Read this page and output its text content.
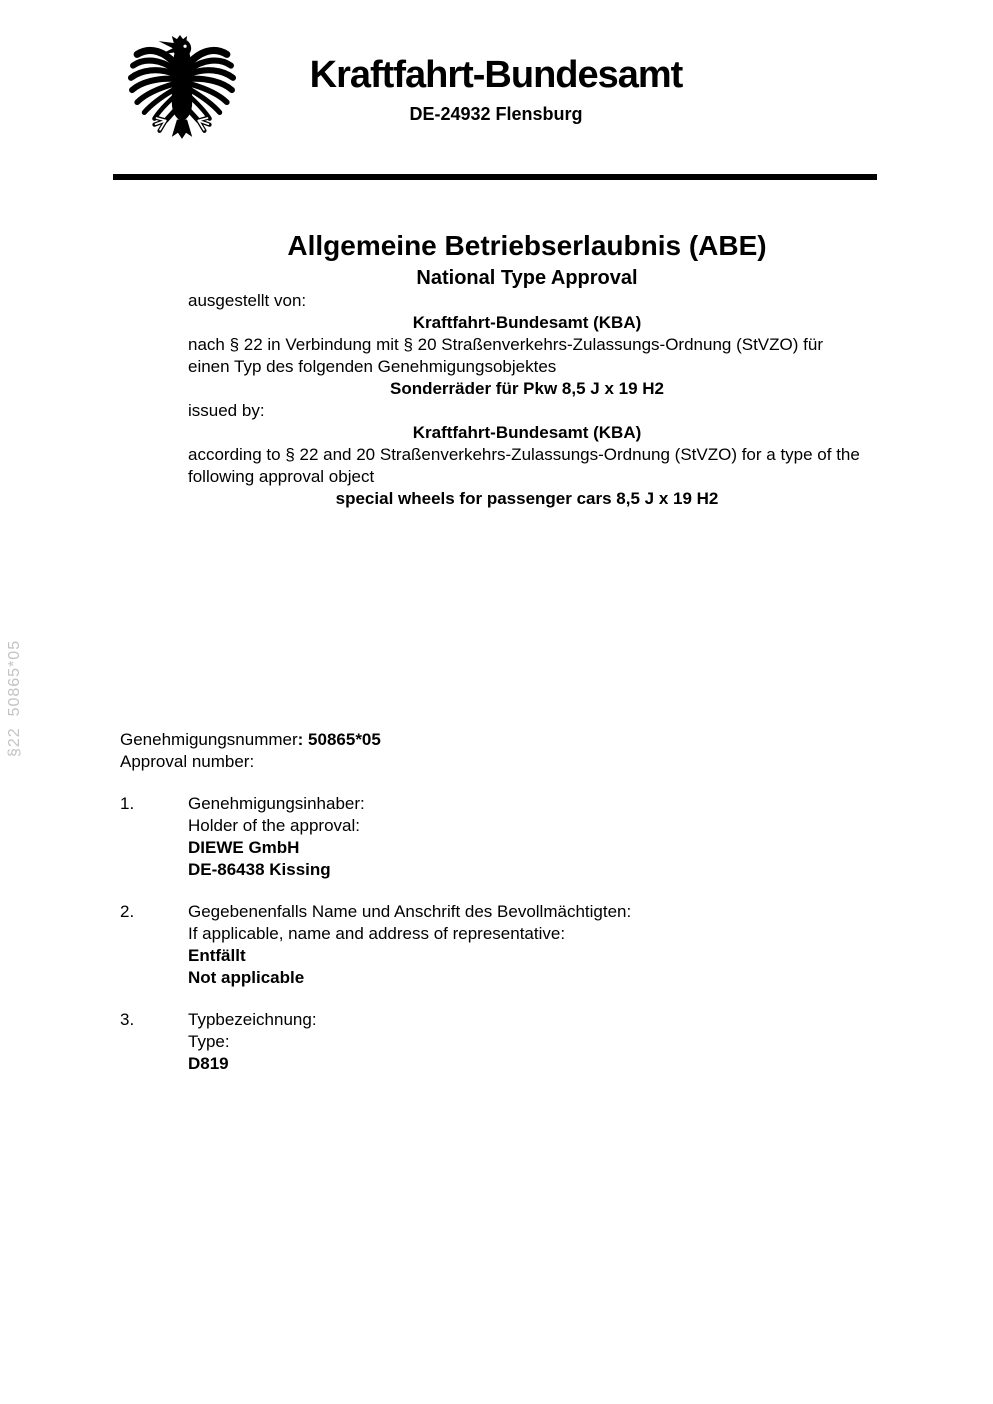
§22  50865*05
Kraftfahrt-Bundesamt
DE-24932 Flensburg
Allgemeine Betriebserlaubnis (ABE)
National Type Approval

ausgestellt von:

Kraftfahrt-Bundesamt (KBA)

nach § 22 in Verbindung mit § 20 Straßenverkehrs-Zulassungs-Ordnung (StVZO) für einen Typ des folgenden Genehmigungsobjektes

Sonderräder für Pkw 8,5 J x 19 H2

issued by:

Kraftfahrt-Bundesamt (KBA)

according to § 22 and 20 Straßenverkehrs-Zulassungs-Ordnung (StVZO) for a type of the following approval object

special wheels for passenger cars 8,5 J x 19 H2

Genehmigungsnummer: 50865*05
Approval number:
1.	Genehmigungsinhaber:
Holder of the approval:
DIEWE GmbH
DE-86438 Kissing
2.	Gegebenenfalls Name und Anschrift des Bevollmächtigten:
If applicable, name and address of representative:
Entfällt
Not applicable
3.	Typbezeichnung:
Type:
D819
